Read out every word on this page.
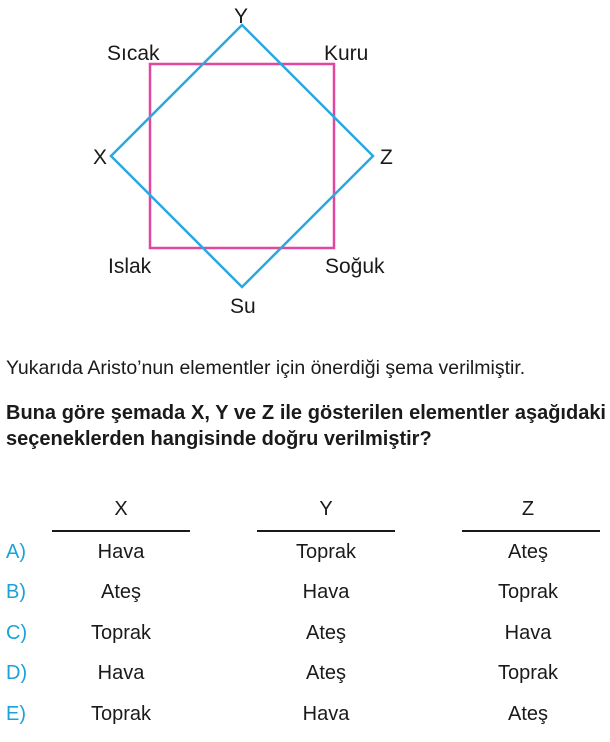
Y
X	Z
Su
Sıcak	Kuru
Islak	Soğuk

Yukarıda Aristo’nun elementler için önerdiği şema verilmiştir.

Buna göre şemada X, Y ve Z ile gösterilen elementler aşağıdaki seçeneklerden hangisinde doğru verilmiştir?

X	Y	Z
A)	Hava	Toprak	Ateş
B)	Ateş	Hava	Toprak
C)	Toprak	Ateş	Hava
D)	Hava	Ateş	Toprak
E)	Toprak	Hava	Ateş
